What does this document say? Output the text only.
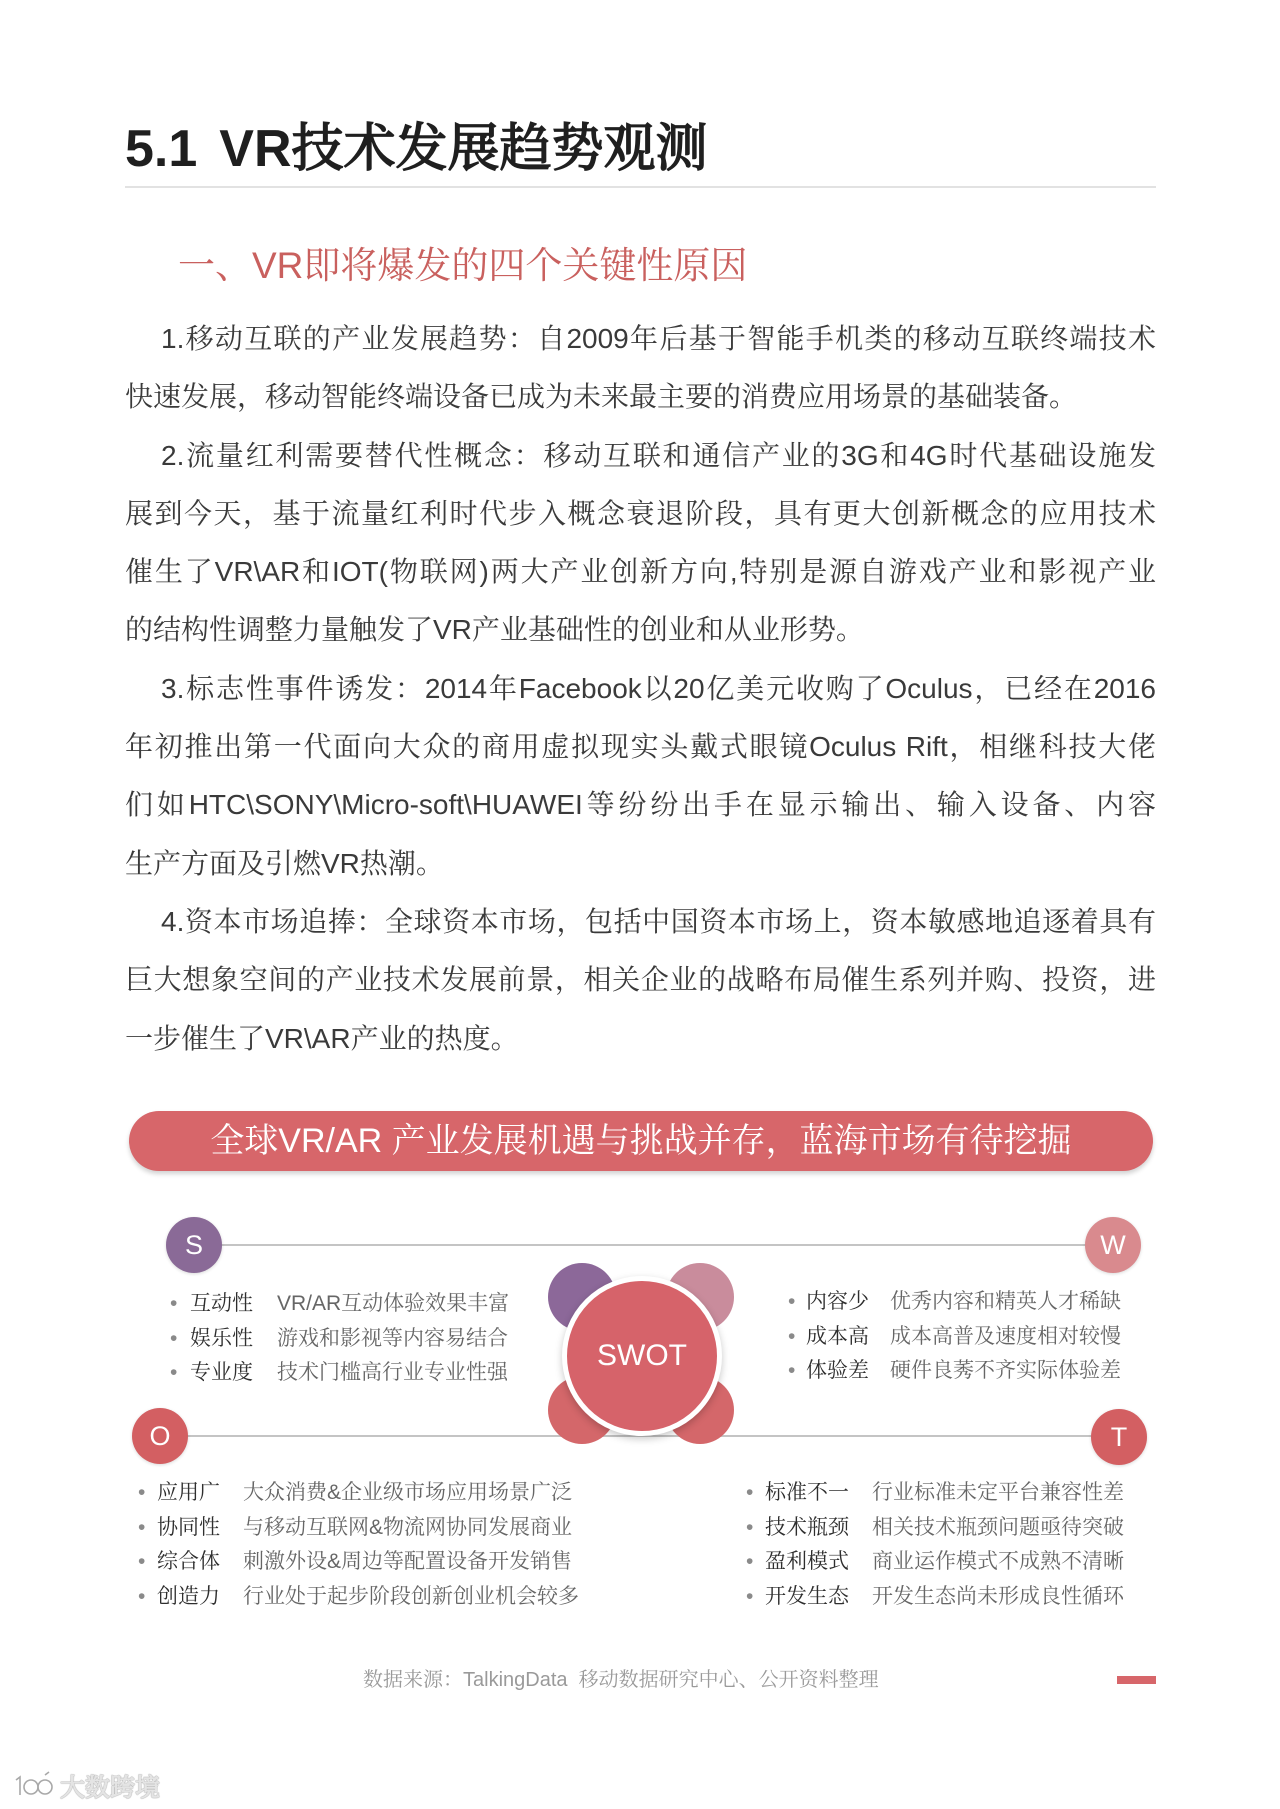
5.1 VR技术发展趋势观测
一、VR即将爆发的四个关键性原因
1.移动互联的产业发展趋势：自2009年后基于智能手机类的移动互联终端技术
快速发展，移动智能终端设备已成为未来最主要的消费应用场景的基础装备。
2.流量红利需要替代性概念：移动互联和通信产业的3G和4G时代基础设施发
展到今天，基于流量红利时代步入概念衰退阶段，具有更大创新概念的应用技术
催生了VR\AR和IOT(物联网)两大产业创新方向,特别是源自游戏产业和影视产业
的结构性调整力量触发了VR产业基础性的创业和从业形势。
3.标志性事件诱发：2014年Facebook以20亿美元收购了Oculus，已经在2016
年初推出第一代面向大众的商用虚拟现实头戴式眼镜Oculus Rift，相继科技大佬
们如HTC\SONY\Micro-soft\HUAWEI等纷纷出手在显示输出、输入设备、内容
生产方面及引燃VR热潮。
4.资本市场追捧：全球资本市场，包括中国资本市场上，资本敏感地追逐着具有
巨大想象空间的产业技术发展前景，相关企业的战略布局催生系列并购、投资，进
一步催生了VR\AR产业的热度。
全球VR/AR 产业发展机遇与挑战并存，蓝海市场有待挖掘
S	W
O	T
SWOT
•
互动性	VR/AR互动体验效果丰富
•
娱乐性	游戏和影视等内容易结合
•
专业度	技术门槛高行业专业性强
•
内容少	优秀内容和精英人才稀缺
•
成本高	成本高普及速度相对较慢
•
体验差	硬件良莠不齐实际体验差
•
应用广	大众消费&企业级市场应用场景广泛
•
协同性	与移动互联网&物流网协同发展商业
•
综合体	刺激外设&周边等配置设备开发销售
•
创造力	行业处于起步阶段创新创业机会较多
•
标准不一	行业标准未定平台兼容性差
•
技术瓶颈	相关技术瓶颈问题亟待突破
•
盈利模式	商业运作模式不成熟不清晰
•
开发生态	开发生态尚未形成良性循环
数据来源：TalkingData  移动数据研究中心、公开资料整理
大数跨境
